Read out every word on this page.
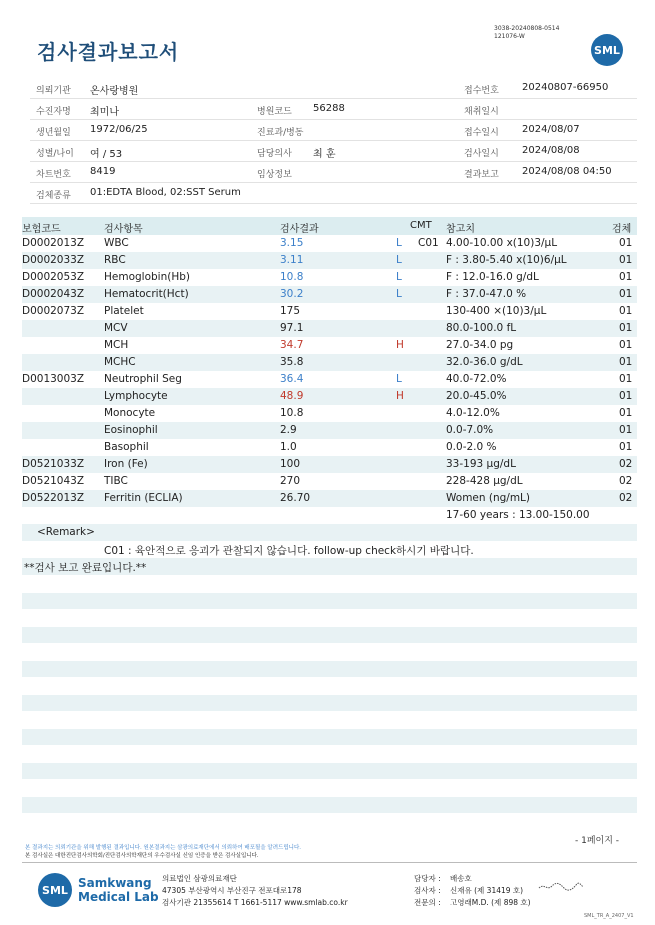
검사결과보고서
3038-20240808-0514
121076-W
SML
의뢰기관 온사랑병원	접수번호 20240807-66950
수진자명 최미나	병원코드 56288	채취일시
생년월일 1972/06/25	진료과/병동	접수일시 2024/08/07
성별/나이 여 / 53	담당의사 최 훈	검사일시 2024/08/08
차트번호 8419	임상정보	결과보고 2024/08/08 04:50
검체종류 01:EDTA Blood, 02:SST Serum
보험코드	검사항목	검사결과	CMT 참고치	검체
D0002013Z WBC	3.15	L C01 4.00-10.00 x(10)3/μL	01
D0002033Z RBC	3.11	L	F : 3.80-5.40 x(10)6/μL	01
D0002053Z Hemoglobin(Hb)	10.8	L	F : 12.0-16.0 g/dL	01
D0002043Z Hematocrit(Hct)	30.2	L	F : 37.0-47.0 %	01
D0002073Z Platelet	175	130-400 ×(10)3/μL	01
MCV	97.1	80.0-100.0 fL	01
MCH	34.7	H	27.0-34.0 pg	01
MCHC	35.8	32.0-36.0 g/dL	01
D0013003Z Neutrophil Seg	36.4	L	40.0-72.0%	01
Lymphocyte	48.9	H	20.0-45.0%	01
Monocyte	10.8	4.0-12.0%	01
Eosinophil	2.9	0.0-7.0%	01
Basophil	1.0	0.0-2.0 %	01
D0521033Z Iron (Fe)	100	33-193 μg/dL	02
D0521043Z TIBC	270	228-428 μg/dL	02
D0522013Z Ferritin (ECLIA)	26.70	Women (ng/mL)	02
17-60 years : 13.00-150.00
<Remark>
C01 : 육안적으로 응괴가 관찰되지 않습니다. follow-up check하시기 바랍니다.
**검사 보고 완료입니다.**
- 1페이지 -
본 결과지는 의뢰기관을 위해 발행된 결과입니다. 원본결과지는 삼광의료재단에서 의뢰하여 배포될을 알려드립니다.
본 검사실은 대한진단검사의학회/진단검사의학재단의 우수검사실 신임 인증을 받은 검사실입니다.
SML Samkwang
Medical Lab
의료법인 삼광의료재단
47305 부산광역시 부산진구 전포대로178
검사기관 21355614 T 1661-5117 www.smlab.co.kr
담당자 : 배송호
검사자 : 신재유 (제 31419 호)
전문의 : 고영래M.D. (제 898 호)
SML_TR_A_2407_V1
